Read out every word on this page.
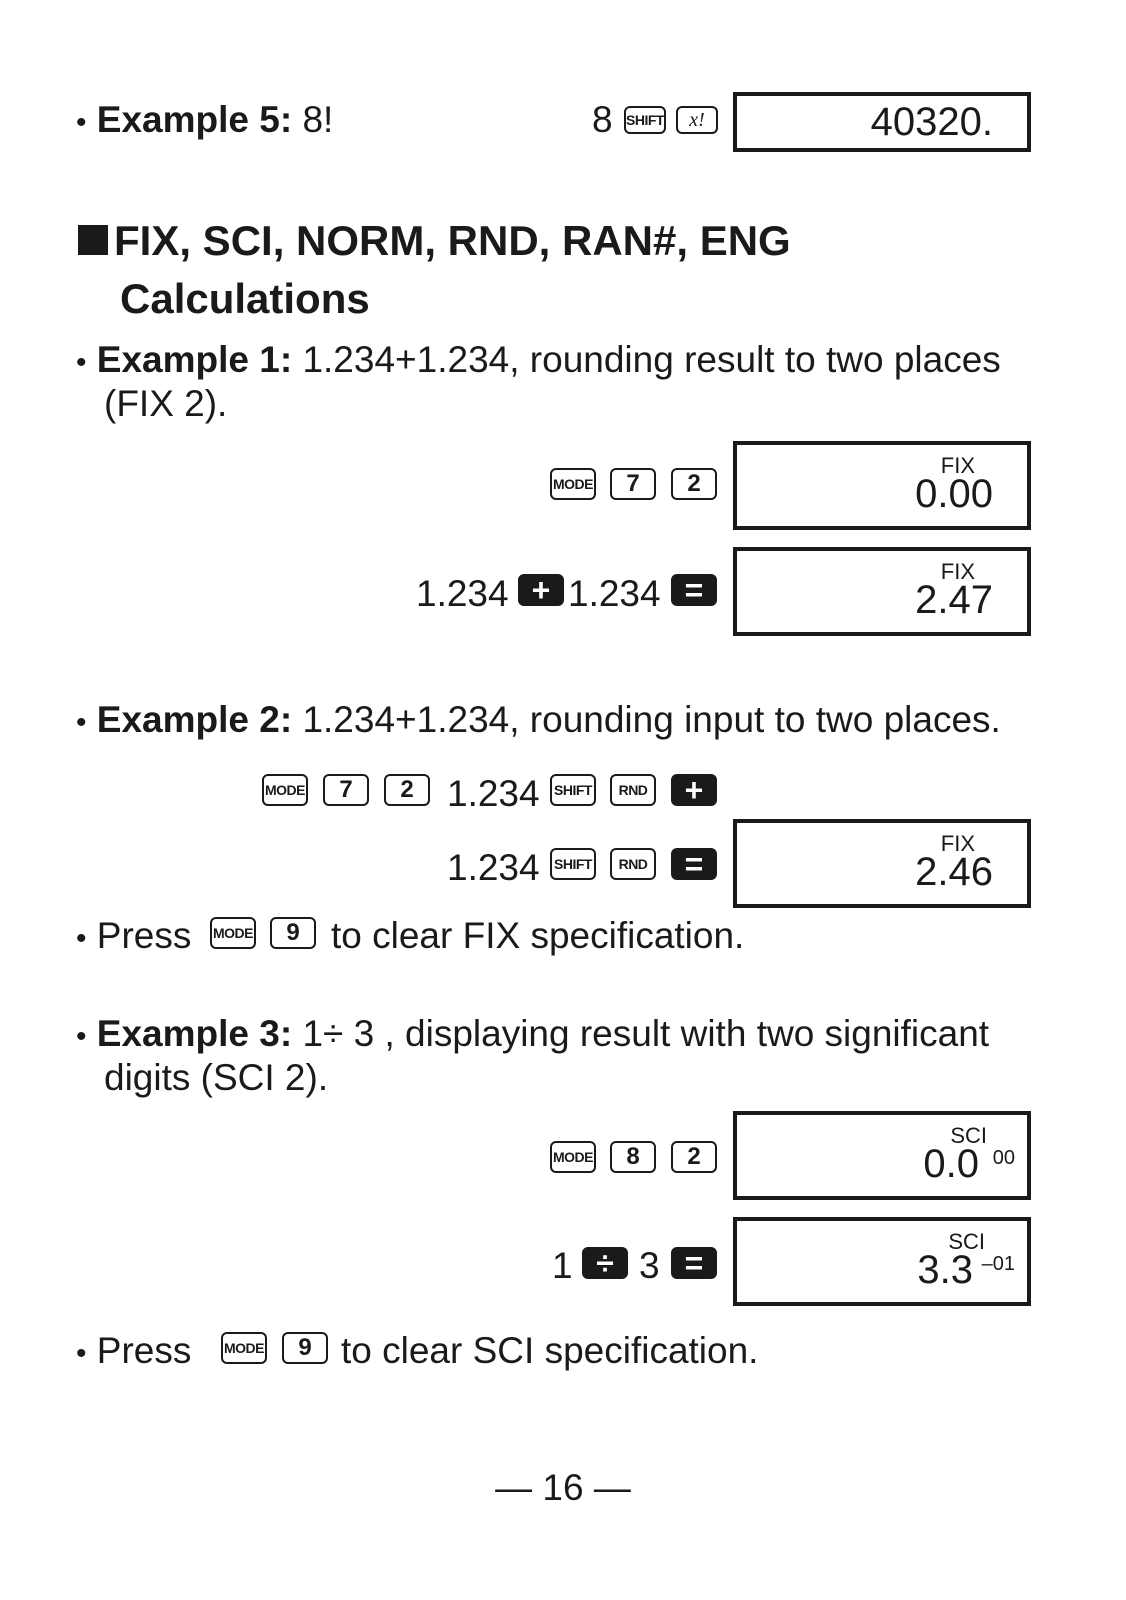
• Example 5: 8!	8 SHIFT	x!	40320.
FIX, SCI, NORM, RND, RAN#, ENG
Calculations
• Example 1: 1.234+1.234, rounding result to two places
(FIX 2).
MODE	7	2
FIX
0.00
1.234 + 1.234 =
FIX
2.47
• Example 2: 1.234+1.234, rounding input to two places.
MODE	7	2 1.234 SHIFT	RND	+
1.234 SHIFT	RND	=
FIX
2.46
• Press MODE	9 to clear FIX specification.
• Example 3: 1÷ 3 , displaying result with two significant
digits (SCI 2).
MODE	8	2
SCI
0.0 00
1 ÷ 3 =
SCI
3.3 –01
• Press MODE	9 to clear SCI specification.
— 16 —
